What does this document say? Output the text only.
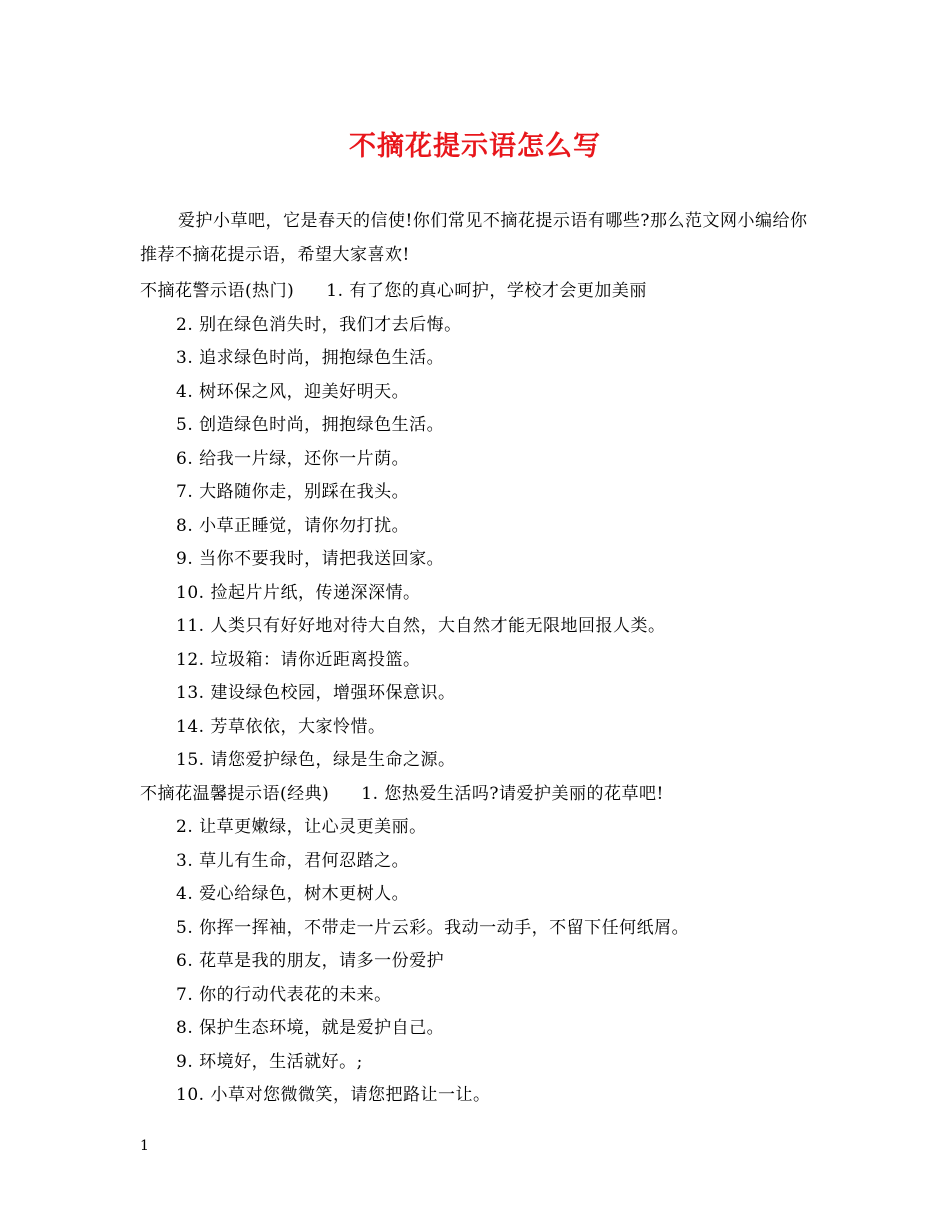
不摘花提示语怎么写
爱护小草吧，它是春天的信使!你们常见不摘花提示语有哪些?那么范文网小编给你推荐不摘花提示语，希望大家喜欢!
不摘花警示语(热门) 1. 有了您的真心呵护，学校才会更加美丽
2. 别在绿色消失时，我们才去后悔。
3. 追求绿色时尚，拥抱绿色生活。
4. 树环保之风，迎美好明天。
5. 创造绿色时尚，拥抱绿色生活。
6. 给我一片绿，还你一片荫。
7. 大路随你走，别踩在我头。
8. 小草正睡觉，请你勿打扰。
9. 当你不要我时，请把我送回家。
10. 捡起片片纸，传递深深情。
11. 人类只有好好地对待大自然，大自然才能无限地回报人类。
12. 垃圾箱：请你近距离投篮。
13. 建设绿色校园，增强环保意识。
14. 芳草依依，大家怜惜。
15. 请您爱护绿色，绿是生命之源。
不摘花温馨提示语(经典) 1. 您热爱生活吗?请爱护美丽的花草吧!
2. 让草更嫩绿，让心灵更美丽。
3. 草儿有生命，君何忍踏之。
4. 爱心给绿色，树木更树人。
5. 你挥一挥袖，不带走一片云彩。我动一动手，不留下任何纸屑。
6. 花草是我的朋友，请多一份爱护
7. 你的行动代表花的未来。
8. 保护生态环境，就是爱护自己。
9. 环境好，生活就好。;
10. 小草对您微微笑，请您把路让一让。
1
